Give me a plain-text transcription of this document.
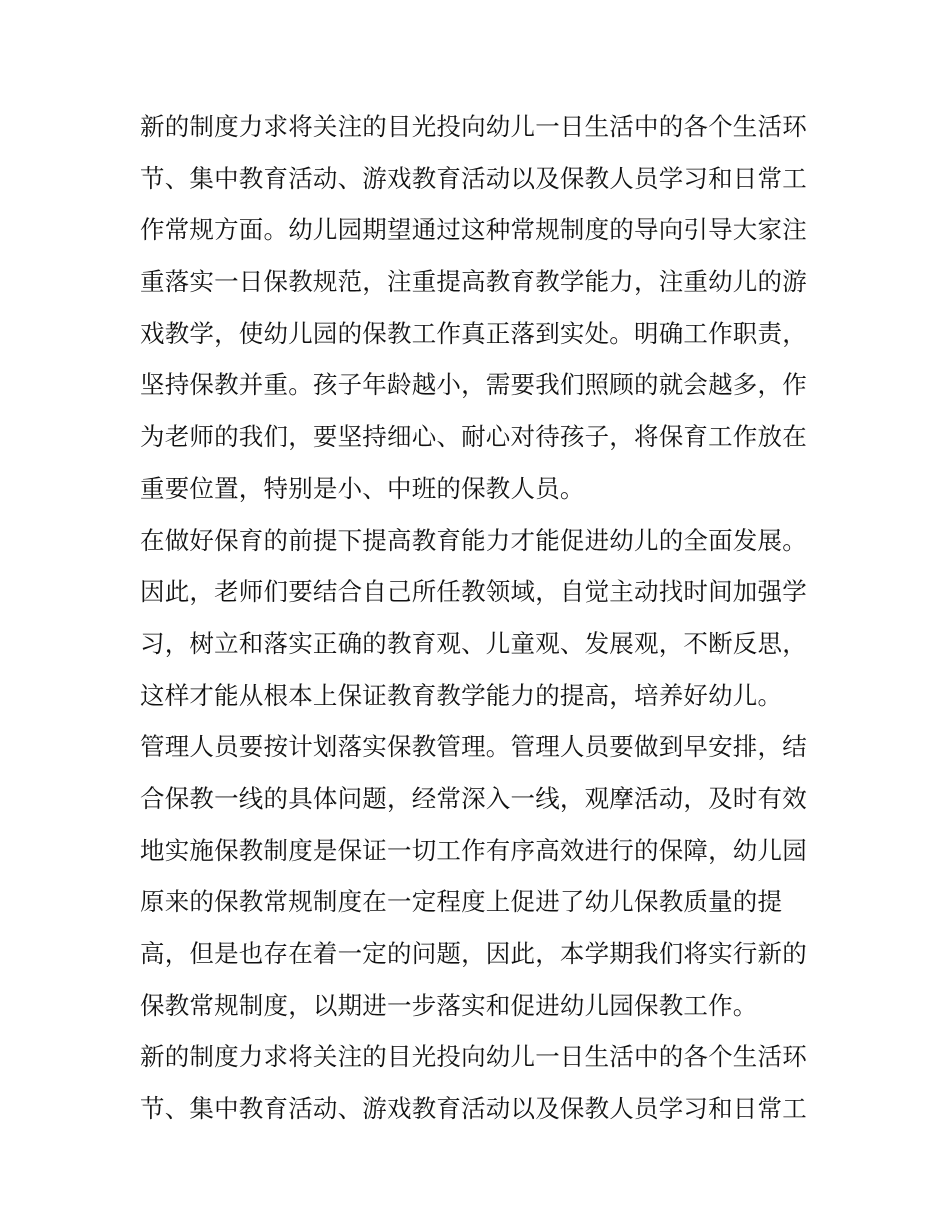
新的制度力求将关注的目光投向幼儿一日生活中的各个生活环
节、集中教育活动、游戏教育活动以及保教人员学习和日常工
作常规方面。幼儿园期望通过这种常规制度的导向引导大家注
重落实一日保教规范，注重提高教育教学能力，注重幼儿的游
戏教学，使幼儿园的保教工作真正落到实处。明确工作职责，
坚持保教并重。孩子年龄越小，需要我们照顾的就会越多，作
为老师的我们，要坚持细心、耐心对待孩子，将保育工作放在
重要位置，特别是小、中班的保教人员。
在做好保育的前提下提高教育能力才能促进幼儿的全面发展。
因此，老师们要结合自己所任教领域，自觉主动找时间加强学
习，树立和落实正确的教育观、儿童观、发展观，不断反思，
这样才能从根本上保证教育教学能力的提高，培养好幼儿。
管理人员要按计划落实保教管理。管理人员要做到早安排，结
合保教一线的具体问题，经常深入一线，观摩活动，及时有效
地实施保教制度是保证一切工作有序高效进行的保障，幼儿园
原来的保教常规制度在一定程度上促进了幼儿保教质量的提
高，但是也存在着一定的问题，因此，本学期我们将实行新的
保教常规制度，以期进一步落实和促进幼儿园保教工作。
新的制度力求将关注的目光投向幼儿一日生活中的各个生活环
节、集中教育活动、游戏教育活动以及保教人员学习和日常工
